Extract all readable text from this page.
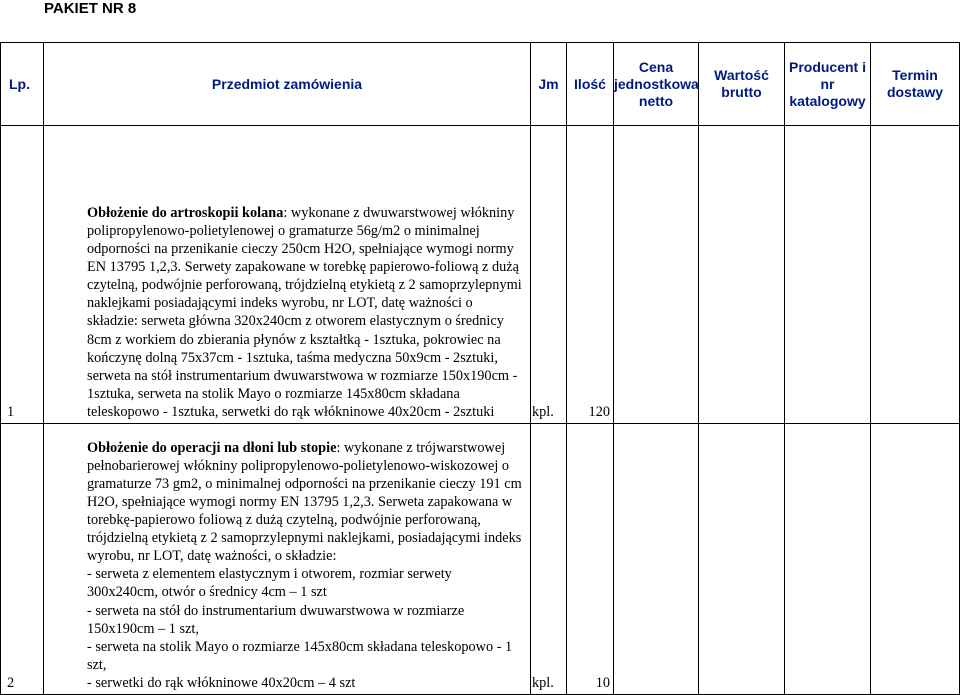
PAKIET NR 8
Lp.	Przedmiot zamówienia	Jm	Ilość	Cena jednostkowa netto	Wartość brutto	Producent i nr katalogowy	Termin dostawy
1	Obłożenie do artroskopii kolana: wykonane z dwuwarstwowej włókniny polipropylenowo-polietylenowej o gramaturze 56g/m2 o minimalnej odporności na przenikanie cieczy 250cm H2O, spełniające wymogi normy EN 13795 1,2,3. Serwety zapakowane w torebkę papierowo-foliową z dużą czytelną, podwójnie perforowaną, trójdzielną etykietą z 2 samoprzylepnymi naklejkami posiadającymi indeks wyrobu, nr LOT, datę ważności o składzie: serweta główna 320x240cm z otworem elastycznym o średnicy 8cm z workiem do zbierania płynów z kształtką - 1sztuka, pokrowiec na kończynę dolną 75x37cm - 1sztuka, taśma medyczna 50x9cm - 2sztuki, serweta na stół instrumentarium dwuwarstwowa w rozmiarze 150x190cm - 1sztuka, serweta na stolik Mayo o rozmiarze 145x80cm składana teleskopowo - 1sztuka, serwetki do rąk włókninowe 40x20cm - 2sztuki	kpl.	120				
2	Obłożenie do operacji na dłoni lub stopie: wykonane z trójwarstwowej pełnobarierowej włókniny polipropylenowo-polietylenowo-wiskozowej o gramaturze 73 gm2, o minimalnej odporności na przenikanie cieczy 191 cm H2O, spełniające wymogi normy EN 13795 1,2,3. Serweta zapakowana w torebkę-papierowo foliową z dużą czytelną, podwójnie perforowaną, trójdzielną etykietą z 2 samoprzylepnymi naklejkami, posiadającymi indeks wyrobu, nr LOT, datę ważności, o składzie:
- serweta z elementem elastycznym i otworem, rozmiar serwety 300x240cm, otwór o średnicy 4cm – 1 szt
- serweta na stół do instrumentarium dwuwarstwowa w rozmiarze 150x190cm – 1 szt,
- serweta na stolik Mayo o rozmiarze 145x80cm składana teleskopowo - 1 szt,
- serwetki do rąk włókninowe 40x20cm – 4 szt	kpl.	10				
